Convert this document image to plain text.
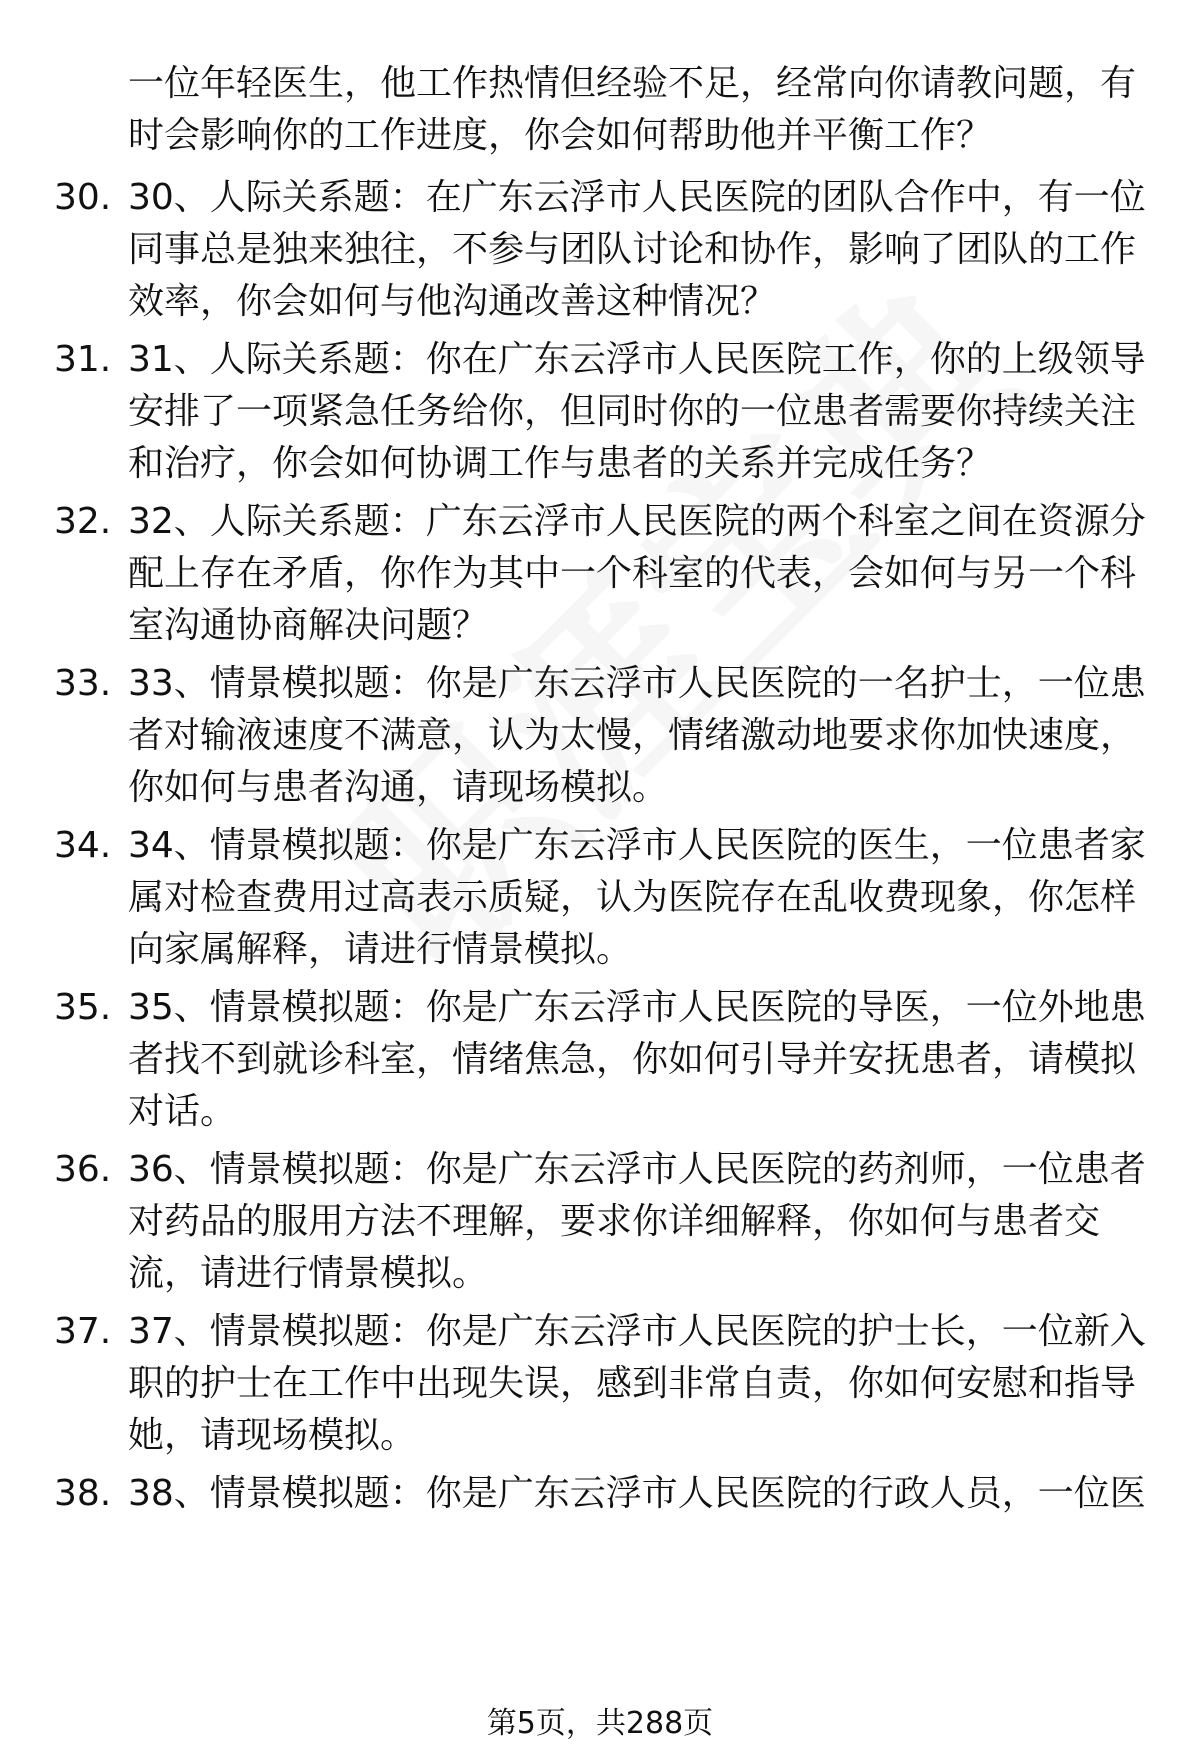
一位年轻医生，他工作热情但经验不足，经常向你请教问题，有时会影响你的工作进度，你会如何帮助他并平衡工作？

30. 30、人际关系题：在广东云浮市人民医院的团队合作中，有一位同事总是独来独往，不参与团队讨论和协作，影响了团队的工作效率，你会如何与他沟通改善这种情况？
31. 31、人际关系题：你在广东云浮市人民医院工作，你的上级领导安排了一项紧急任务给你，但同时你的一位患者需要你持续关注和治疗，你会如何协调工作与患者的关系并完成任务？
32. 32、人际关系题：广东云浮市人民医院的两个科室之间在资源分配上存在矛盾，你作为其中一个科室的代表，会如何与另一个科室沟通协商解决问题？
33. 33、情景模拟题：你是广东云浮市人民医院的一名护士，一位患者对输液速度不满意，认为太慢，情绪激动地要求你加快速度，你如何与患者沟通，请现场模拟。
34. 34、情景模拟题：你是广东云浮市人民医院的医生，一位患者家属对检查费用过高表示质疑，认为医院存在乱收费现象，你怎样向家属解释，请进行情景模拟。
35. 35、情景模拟题：你是广东云浮市人民医院的导医，一位外地患者找不到就诊科室，情绪焦急，你如何引导并安抚患者，请模拟对话。
36. 36、情景模拟题：你是广东云浮市人民医院的药剂师，一位患者对药品的服用方法不理解，要求你详细解释，你如何与患者交流，请进行情景模拟。
37. 37、情景模拟题：你是广东云浮市人民医院的护士长，一位新入职的护士在工作中出现失误，感到非常自责，你如何安慰和指导她，请现场模拟。
38. 38、情景模拟题：你是广东云浮市人民医院的行政人员，一位医
第5页，共288页
